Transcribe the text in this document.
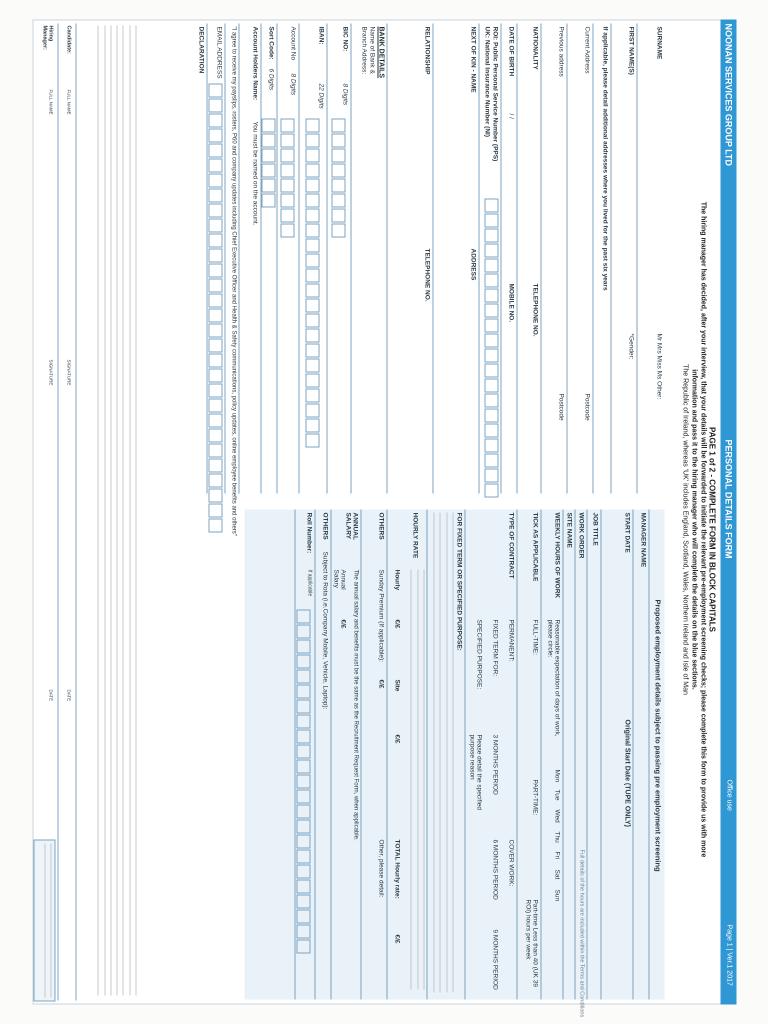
NOONAN SERVICES GROUP LTD
PERSONAL DETAILS FORM
Office use
Page 1 | Ver.1 2017
PAGE 1 of 2 - COMPLETE FORM IN BLOCK CAPITALS
The hiring manager has decided, after your interview, that your details will be forwarded to initiate the relevant pre-employment screening checks; please complete this form to provide us with more
information and pass it to the hiring manager who will complete the details on the blue sections.
The Republic of Ireland, whereas 'UK' includes England, Scotland, Wales, Northern Ireland and Isle of Man
SURNAME
Mr Mrs Miss Ms Other:
FIRST NAME(S)
*Gender:
If applicable, please detail additional addresses where you lived for the past six years
Current Address
Postcode
Previous address
Postcode
NATIONALITY
TELEPHONE NO.
DATE OF BIRTH
/ /
MOBILE NO.
ROI: Public Personal Service Number (PPS)
UK: National Insurance Number (NI)
NEXT OF KIN - NAME
ADDRESS
RELATIONSHIP
TELEPHONE NO.
BANK DETAILS
Name of Bank &
Branch Address:
BIC NO:
8 Digits
IBAN:
22 Digits
Account No
8 Digits
Sort Code:
6 Digits
Account Holders Name:
You must be named on the account.
"I agree to receive my payslips, rosters, P60 and company updates including Chief Executive Officer and Health & Safety communications, policy updates, online employee benefits and others"
EMAIL ADDRESS
DECLARATION
Proposed employment details subject to passing pre employment screening
MANAGER NAME
START DATE
Original Start Date (TUPE ONLY)
JOB TITLE
WORK ORDER
Full details of the hours are included within the Terms and Conditions
SITE NAME
WEEKLY HOURS OF WORK
Reasonable expectation of days of work, please circle:
Mon
Tue
Wed
Thu
Fri
Sat
Sun
TICK AS APPLICABLE
FULL-TIME:
PART-TIME:
Part-time Less than 40 (UK 39 ROI) hours per week
TYPE OF CONTRACT
PERMANENT:
COVER WORK:
FIXED TERM FOR:
3 MONTHS PERIOD
6 MONTHS PERIOD
9 MONTHS PERIOD
SPECIFIED PURPOSE:
Please detail the specified purpose reason
FOR FIXED TERM OR SPECIFIED PURPOSE:
HOURLY RATE
Hourly
€/£
Site
€/£
TOTAL Hourly rate:
€/£
OTHERS
Sunday Premium (If applicable):
€/£
Other, please detail:
ANNUAL SALARY
The annual salary and benefits must be the same as the Recruitment Request Form, when applicable.
Annual Salary
€/£
OTHERS
Subject to Rota (i.e.Company Mobile, Vehicle, Laptop):
Roll Number:
If applicable
Candidate:
FULL NAME
SIGNATURE
DATE
Hiring Manager:
FULL NAME
SIGNATURE
DATE
